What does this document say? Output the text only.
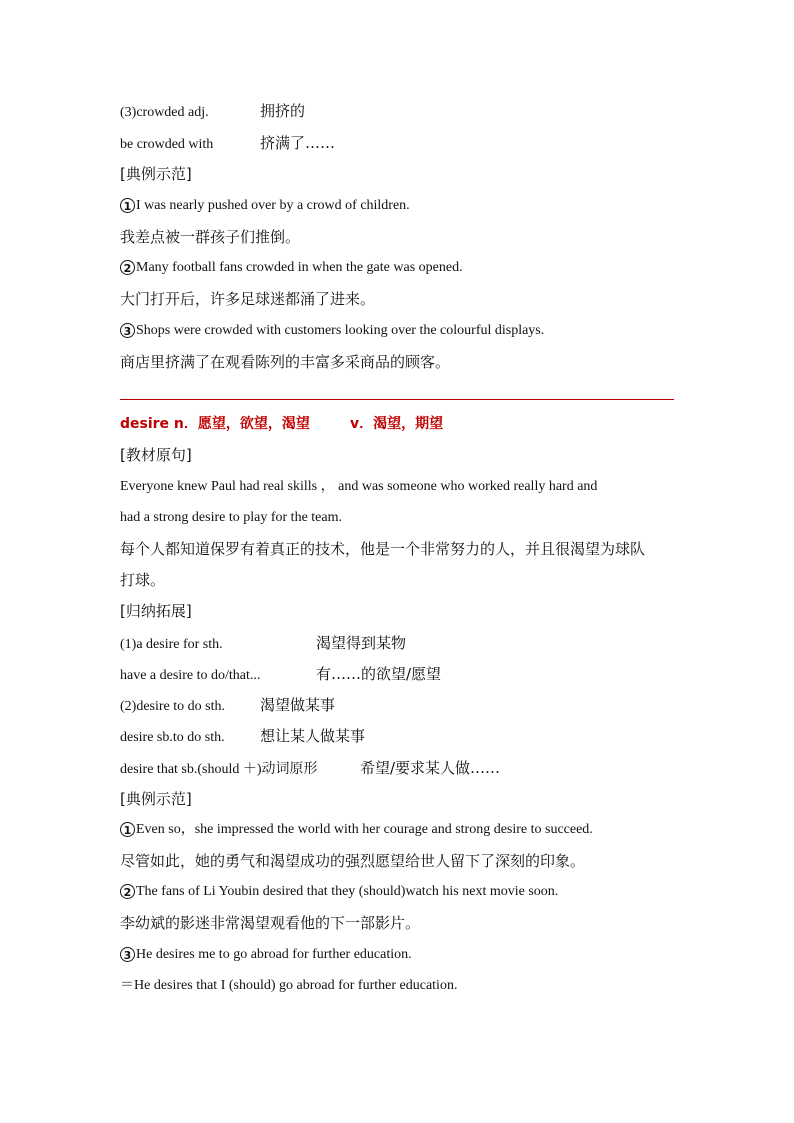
(3)crowded adj.	拥挤的
be crowded with	挤满了……
[典例示范]
1 I was nearly pushed over by a crowd of children.
我差点被一群孩子们推倒。
2 Many football fans crowded in when the gate was opened.
大门打开后，许多足球迷都涌了进来。
3 Shops were crowded with customers looking over the colourful displays.
商店里挤满了在观看陈列的丰富多采商品的顾客。
desire n．愿望，欲望，渴望	v．渴望，期望
[教材原句]
Everyone knew Paul had real skills ， and was someone who worked really hard and
had a strong desire to play for the team.
每个人都知道保罗有着真正的技术，他是一个非常努力的人，并且很渴望为球队
打球。
[归纳拓展]
(1)a desire for sth.	渴望得到某物
have a desire to do/that...	有……的欲望/愿望
(2)desire to do sth. 渴望做某事
desire sb.to do sth. 想让某人做某事
desire that sb.(should ＋)动词原形	希望/要求某人做……
[典例示范]
1 Even so，she impressed the world with her courage and strong desire to succeed.
尽管如此，她的勇气和渴望成功的强烈愿望给世人留下了深刻的印象。
2 The fans of Li Youbin desired that they (should)watch his next movie soon.
李幼斌的影迷非常渴望观看他的下一部影片。
3 He desires me to go abroad for further education.
＝He desires that I (should) go abroad for further education.
